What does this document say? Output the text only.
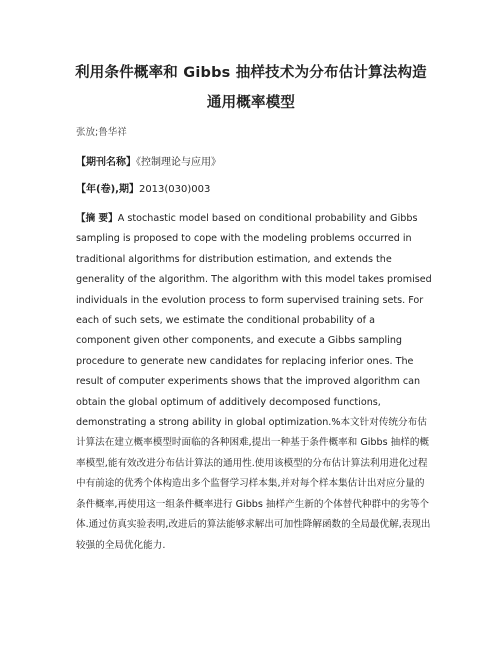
利用条件概率和 Gibbs 抽样技术为分布估计算法构造通用概率模型
张放;鲁华祥
【期刊名称】《控制理论与应用》
【年(卷),期】2013(030)003
【摘 要】A stochastic model based on conditional probability and Gibbs sampling is proposed to cope with the modeling problems occurred in traditional algorithms for distribution estimation, and extends the generality of the algorithm. The algorithm with this model takes promised individuals in the evolution process to form supervised training sets. For each of such sets, we estimate the conditional probability of a component given other components, and execute a Gibbs sampling procedure to generate new candidates for replacing inferior ones. The result of computer experiments shows that the improved algorithm can obtain the global optimum of additively decomposed functions, demonstrating a strong ability in global optimization.%本文针对传统分布估计算法在建立概率模型时面临的各种困难,提出一种基于条件概率和 Gibbs 抽样的概率模型,能有效改进分布估计算法的通用性.使用该模型的分布估计算法利用进化过程中有前途的优秀个体构造出多个监督学习样本集,并对每个样本集估计出对应分量的条件概率,再使用这一组条件概率进行 Gibbs 抽样产生新的个体替代种群中的劣等个体.通过仿真实验表明,改进后的算法能够求解出可加性降解函数的全局最优解,表现出较强的全局优化能力.
